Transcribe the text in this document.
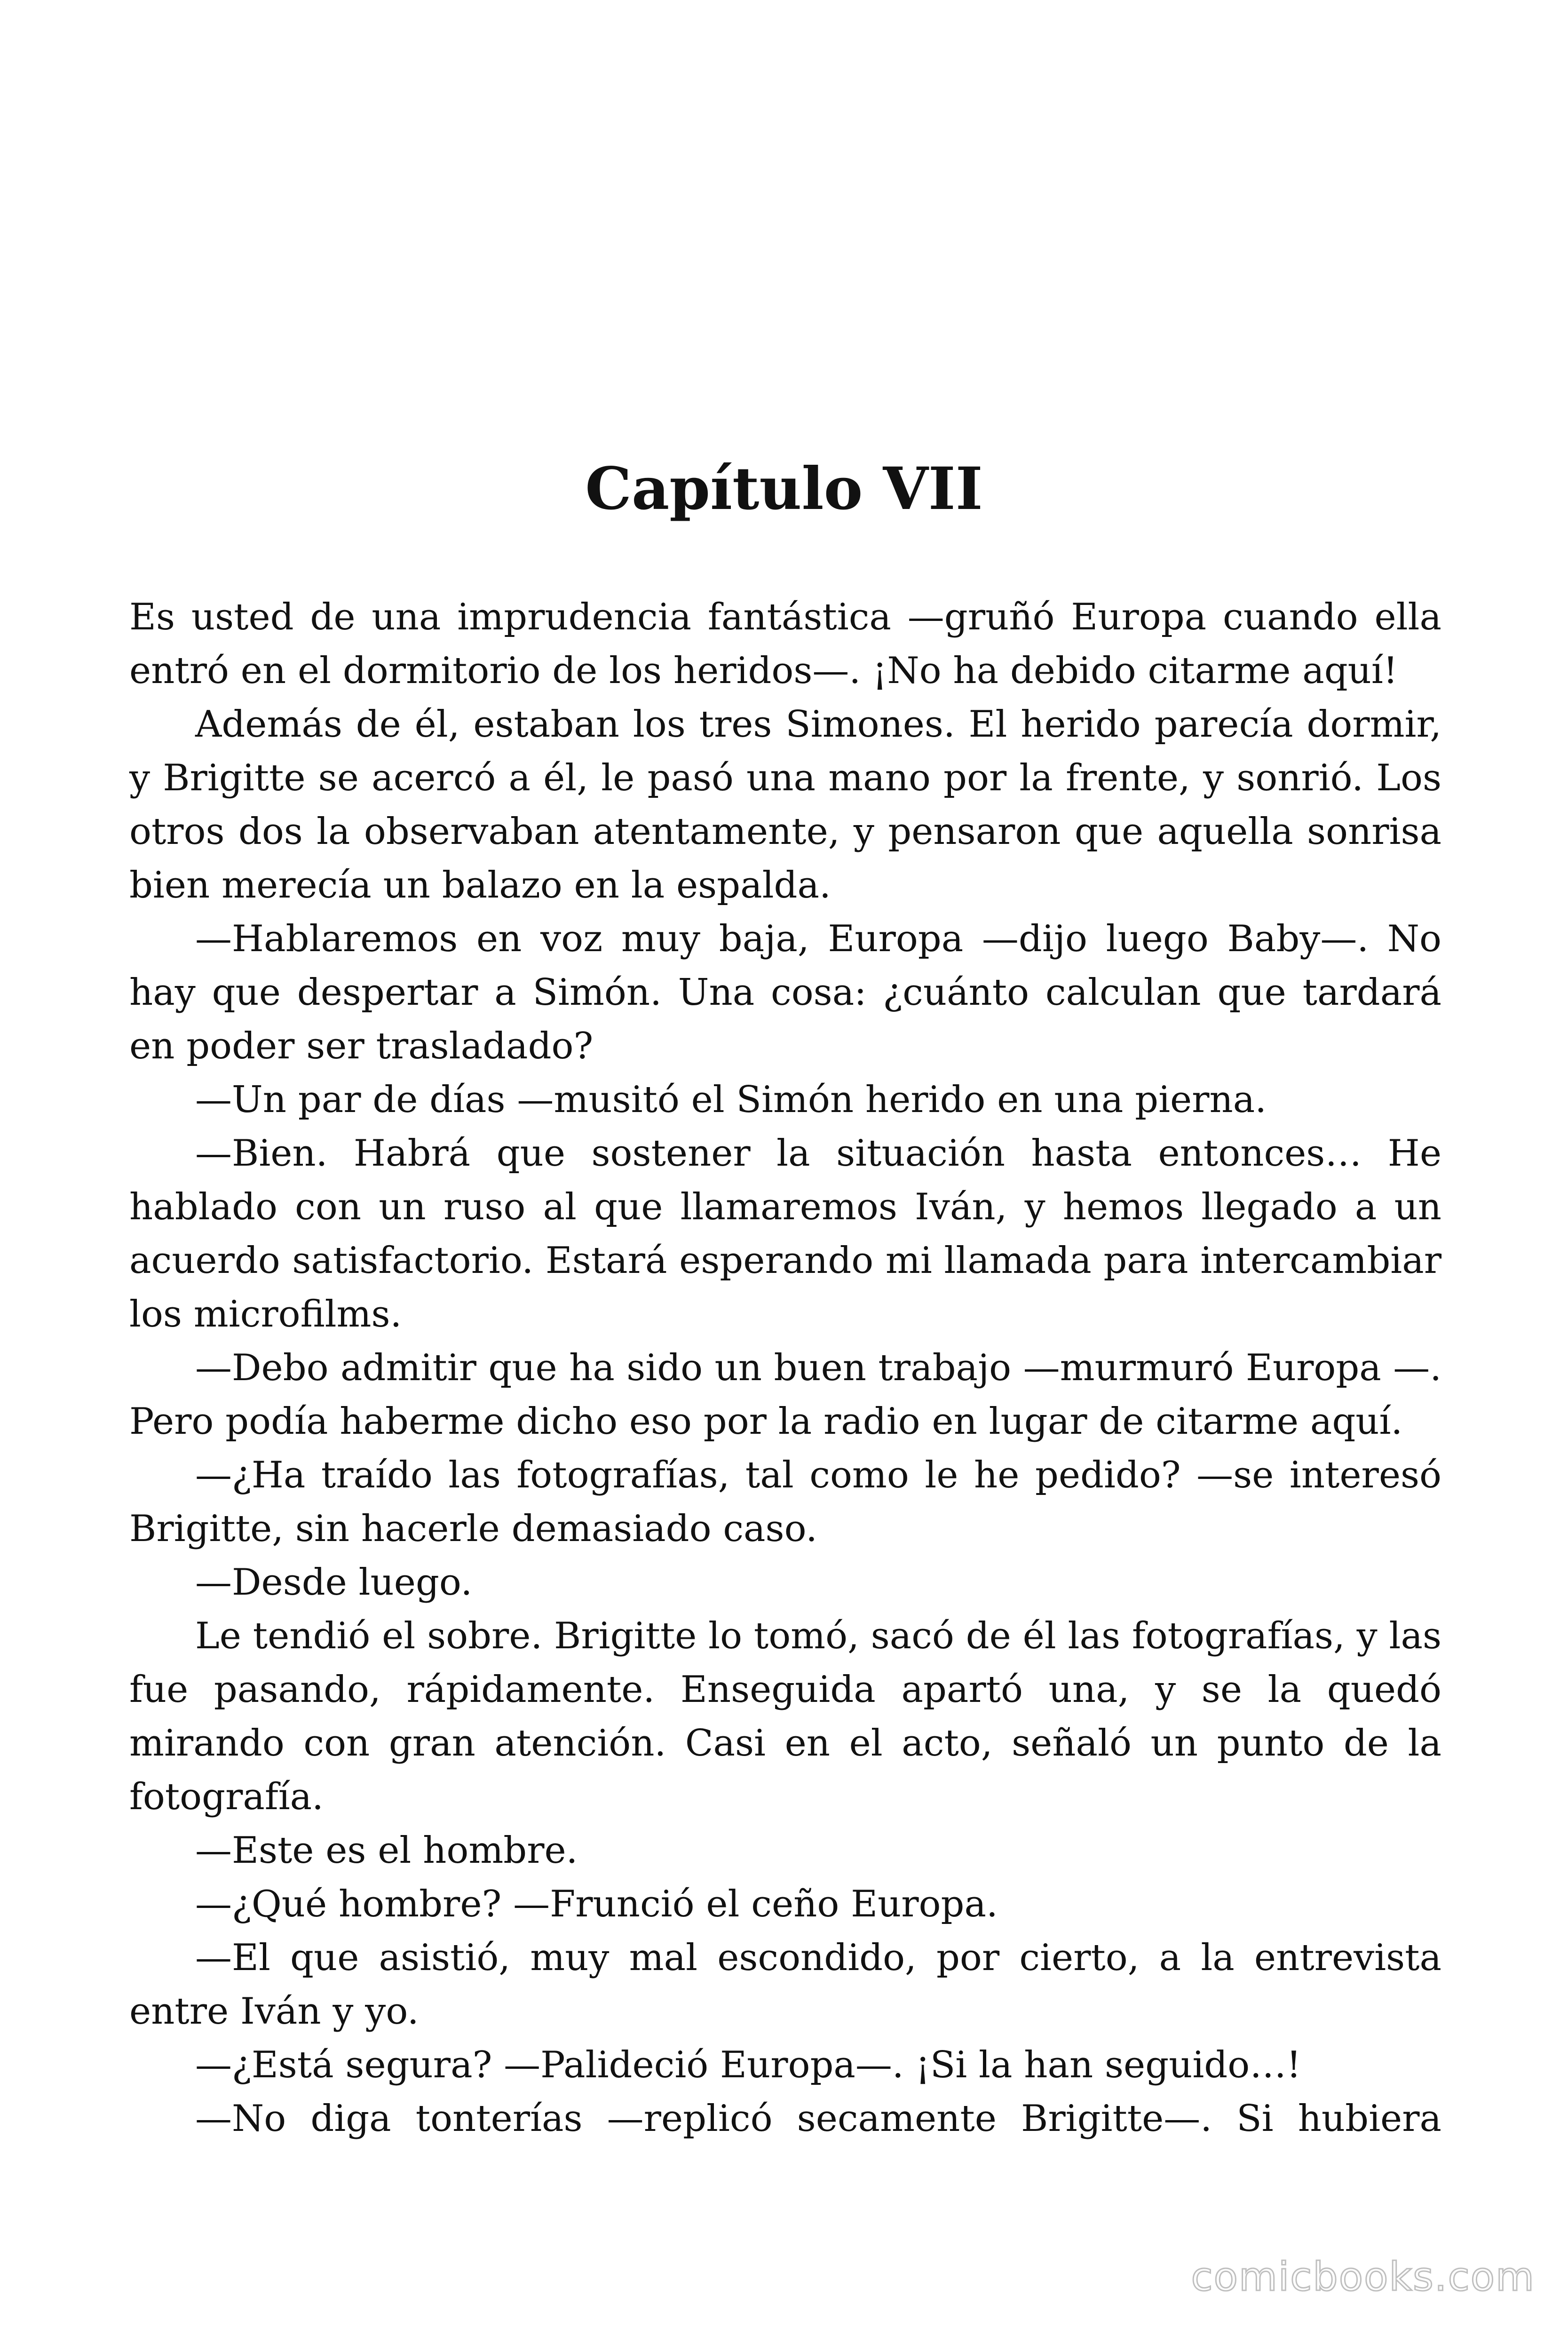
Capítulo VII

Es usted de una imprudencia fantástica —gruñó Europa cuando ella entró en el dormitorio de los heridos—. ¡No ha debido citarme aquí!

Además de él, estaban los tres Simones. El herido parecía dormir, y Brigitte se acercó a él, le pasó una mano por la frente, y sonrió. Los otros dos la observaban atentamente, y pensaron que aquella sonrisa bien merecía un balazo en la espalda.

—Hablaremos en voz muy baja, Europa —dijo luego Baby—. No hay que despertar a Simón. Una cosa: ¿cuánto calculan que tardará en poder ser trasladado?

—Un par de días —musitó el Simón herido en una pierna.

—Bien. Habrá que sostener la situación hasta entonces… He hablado con un ruso al que llamaremos Iván, y hemos llegado a un acuerdo satisfactorio. Estará esperando mi llamada para intercambiar los microfilms.

—Debo admitir que ha sido un buen trabajo —murmuró Europa —. Pero podía haberme dicho eso por la radio en lugar de citarme aquí.

—¿Ha traído las fotografías, tal como le he pedido? —se interesó Brigitte, sin hacerle demasiado caso.

—Desde luego.

Le tendió el sobre. Brigitte lo tomó, sacó de él las fotografías, y las fue pasando, rápidamente. Enseguida apartó una, y se la quedó mirando con gran atención. Casi en el acto, señaló un punto de la fotografía.

—Este es el hombre.

—¿Qué hombre? —Frunció el ceño Europa.

—El que asistió, muy mal escondido, por cierto, a la entrevista entre Iván y yo.

—¿Está segura? —Palideció Europa—. ¡Si la han seguido…!

—No diga tonterías —replicó secamente Brigitte—. Si hubiera

comicbooks.com
